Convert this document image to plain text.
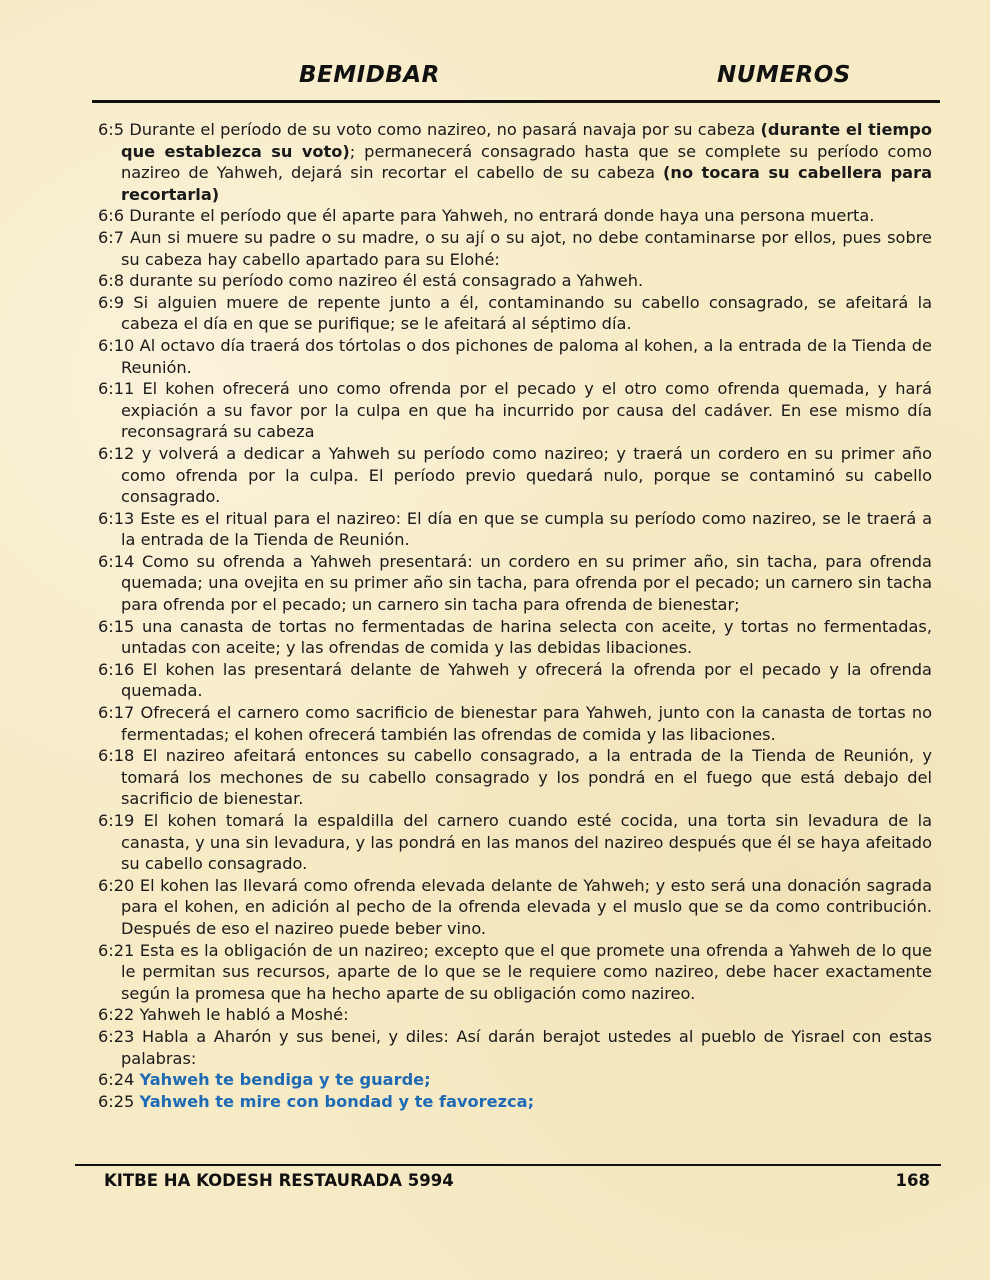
BEMIDBAR	NUMEROS

6:5 Durante el período de su voto como nazireo, no pasará navaja por su cabeza (durante el tiempo que establezca su voto); permanecerá consagrado hasta que se complete su período como nazireo de Yahweh, dejará sin recortar el cabello de su cabeza (no tocara su cabellera para recortarla)

6:6 Durante el período que él aparte para Yahweh, no entrará donde haya una persona muerta.

6:7 Aun si muere su padre o su madre, o su ají o su ajot, no debe contaminarse por ellos, pues sobre su cabeza hay cabello apartado para su Elohé:

6:8 durante su período como nazireo él está consagrado a Yahweh.

6:9 Si alguien muere de repente junto a él, contaminando su cabello consagrado, se afeitará la cabeza el día en que se purifique; se le afeitará al séptimo día.

6:10 Al octavo día traerá dos tórtolas o dos pichones de paloma al kohen, a la entrada de la Tienda de Reunión.

6:11 El kohen ofrecerá uno como ofrenda por el pecado y el otro como ofrenda quemada, y hará expiación a su favor por la culpa en que ha incurrido por causa del cadáver. En ese mismo día reconsagrará su cabeza

6:12 y volverá a dedicar a Yahweh su período como nazireo; y traerá un cordero en su primer año como ofrenda por la culpa. El período previo quedará nulo, porque se contaminó su cabello consagrado.

6:13 Este es el ritual para el nazireo: El día en que se cumpla su período como nazireo, se le traerá a la entrada de la Tienda de Reunión.

6:14 Como su ofrenda a Yahweh presentará: un cordero en su primer año, sin tacha, para ofrenda quemada; una ovejita en su primer año sin tacha, para ofrenda por el pecado; un carnero sin tacha para ofrenda por el pecado; un carnero sin tacha para ofrenda de bienestar;

6:15 una canasta de tortas no fermentadas de harina selecta con aceite, y tortas no fermentadas, untadas con aceite; y las ofrendas de comida y las debidas libaciones.

6:16 El kohen las presentará delante de Yahweh y ofrecerá la ofrenda por el pecado y la ofrenda quemada.

6:17 Ofrecerá el carnero como sacrificio de bienestar para Yahweh, junto con la canasta de tortas no fermentadas; el kohen ofrecerá también las ofrendas de comida y las libaciones.

6:18 El nazireo afeitará entonces su cabello consagrado, a la entrada de la Tienda de Reunión, y tomará los mechones de su cabello consagrado y los pondrá en el fuego que está debajo del sacrificio de bienestar.

6:19 El kohen tomará la espaldilla del carnero cuando esté cocida, una torta sin levadura de la canasta, y una sin levadura, y las pondrá en las manos del nazireo después que él se haya afeitado su cabello consagrado.

6:20 El kohen las llevará como ofrenda elevada delante de Yahweh; y esto será una donación sagrada para el kohen, en adición al pecho de la ofrenda elevada y el muslo que se da como contribución. Después de eso el nazireo puede beber vino.

6:21 Esta es la obligación de un nazireo; excepto que el que promete una ofrenda a Yahweh de lo que le permitan sus recursos, aparte de lo que se le requiere como nazireo, debe hacer exactamente según la promesa que ha hecho aparte de su obligación como nazireo.

6:22 Yahweh le habló a Moshé:

6:23 Habla a Aharón y sus benei, y diles: Así darán berajot ustedes al pueblo de Yisrael con estas palabras:

6:24 Yahweh te bendiga y te guarde;

6:25 Yahweh te mire con bondad y te favorezca;

KITBE HA KODESH RESTAURADA 5994	168
